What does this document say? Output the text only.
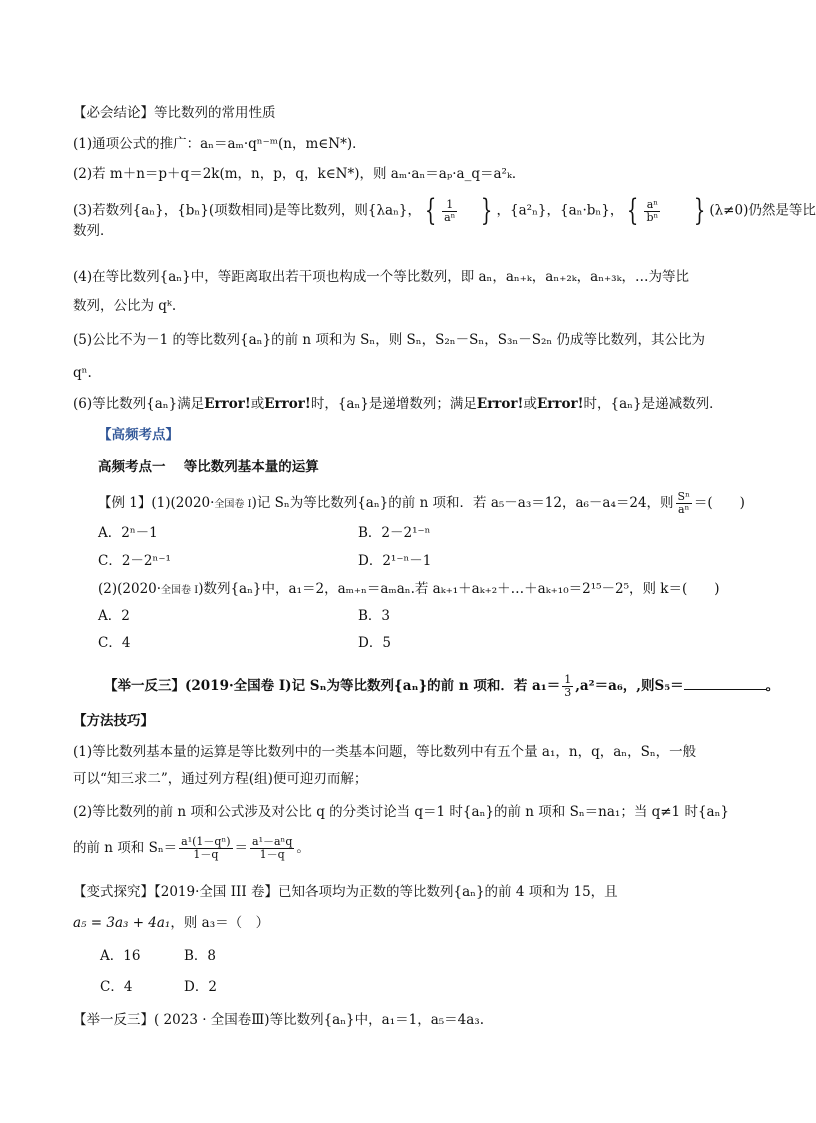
【必会结论】等比数列的常用性质
(1)通项公式的推广：aₙ＝aₘ·qⁿ⁻ᵐ(n，m∈N*)．
(2)若 m＋n＝p＋q＝2k(m，n，p，q，k∈N*)，则 aₘ·aₙ＝aₚ·a_q＝a²ₖ．
(3)若数列{aₙ}，{bₙ}(项数相同)是等比数列，则{λaₙ}， { $\frac{1}{\text{aⁿ}}$ } ，{a²ₙ}，{aₙ·bₙ}， { $\frac{\text{aⁿ}}{\text{bⁿ}}$ } (λ≠0)仍然是等比
数列．
(4)在等比数列{aₙ}中，等距离取出若干项也构成一个等比数列，即 aₙ，aₙ₊ₖ，aₙ₊₂ₖ，aₙ₊₃ₖ，…为等比
数列，公比为 qᵏ.
(5)公比不为－1 的等比数列{aₙ}的前 n 项和为 Sₙ，则 Sₙ，S₂ₙ－Sₙ，S₃ₙ－S₂ₙ 仍成等比数列，其公比为
qⁿ.
(6)等比数列{aₙ}满足Error!或Error!时，{aₙ}是递增数列；满足Error!或Error!时，{aₙ}是递减数列．
【高频考点】
高频考点一　 等比数列基本量的运算
【例 1】(1)(2020·全国卷 I)记 Sₙ为等比数列{aₙ}的前 n 项和．若 a₅－a₃＝12，a₆－a₄＝24，则 $\frac{\text{Sⁿ}}{\text{aⁿ}}$ ＝(　　)
A．2ⁿ－1	B．2－2¹⁻ⁿ
C．2－2ⁿ⁻¹	D．2¹⁻ⁿ－1
(2)(2020·全国卷 I)数列{aₙ}中，a₁＝2，aₘ₊ₙ＝aₘaₙ.若 aₖ₊₁＋aₖ₊₂＋…＋aₖ₊₁₀＝2¹⁵－2⁵，则 k＝(　　)
A．2	B．3
C．4	D．5
【举一反三】(2019·全国卷 I)记 Sₙ为等比数列{aₙ}的前 n 项和．若 $a_1= \frac{1}{3} ,a^2=a_6$，,则S₅＝	。
【方法技巧】
(1)等比数列基本量的运算是等比数列中的一类基本问题，等比数列中有五个量 a₁，n，q，aₙ，Sₙ，一般
可以“知三求二”，通过列方程(组)便可迎刃而解；
(2)等比数列的前 n 项和公式涉及对公比 q 的分类讨论当 q＝1 时{aₙ}的前 n 项和 Sₙ＝na₁；当 q≠1 时{aₙ}
的前 n 项和 $S_n= \frac{\text{a¹(1－qⁿ)}}{1-q} = \frac{\text{a¹－aⁿq}}{1-q}$ 。
【变式探究】【2019·全国 III 卷】已知各项均为正数的等比数列{aₙ}的前 4 项和为 15，且
a₅ = 3a₃ + 4a₁，则 a₃＝（　）
A．16	B．8
C．4	D．2
【举一反三】( 2023 · 全国卷Ⅲ)等比数列{aₙ}中，a₁＝1，a₅＝4a₃.
